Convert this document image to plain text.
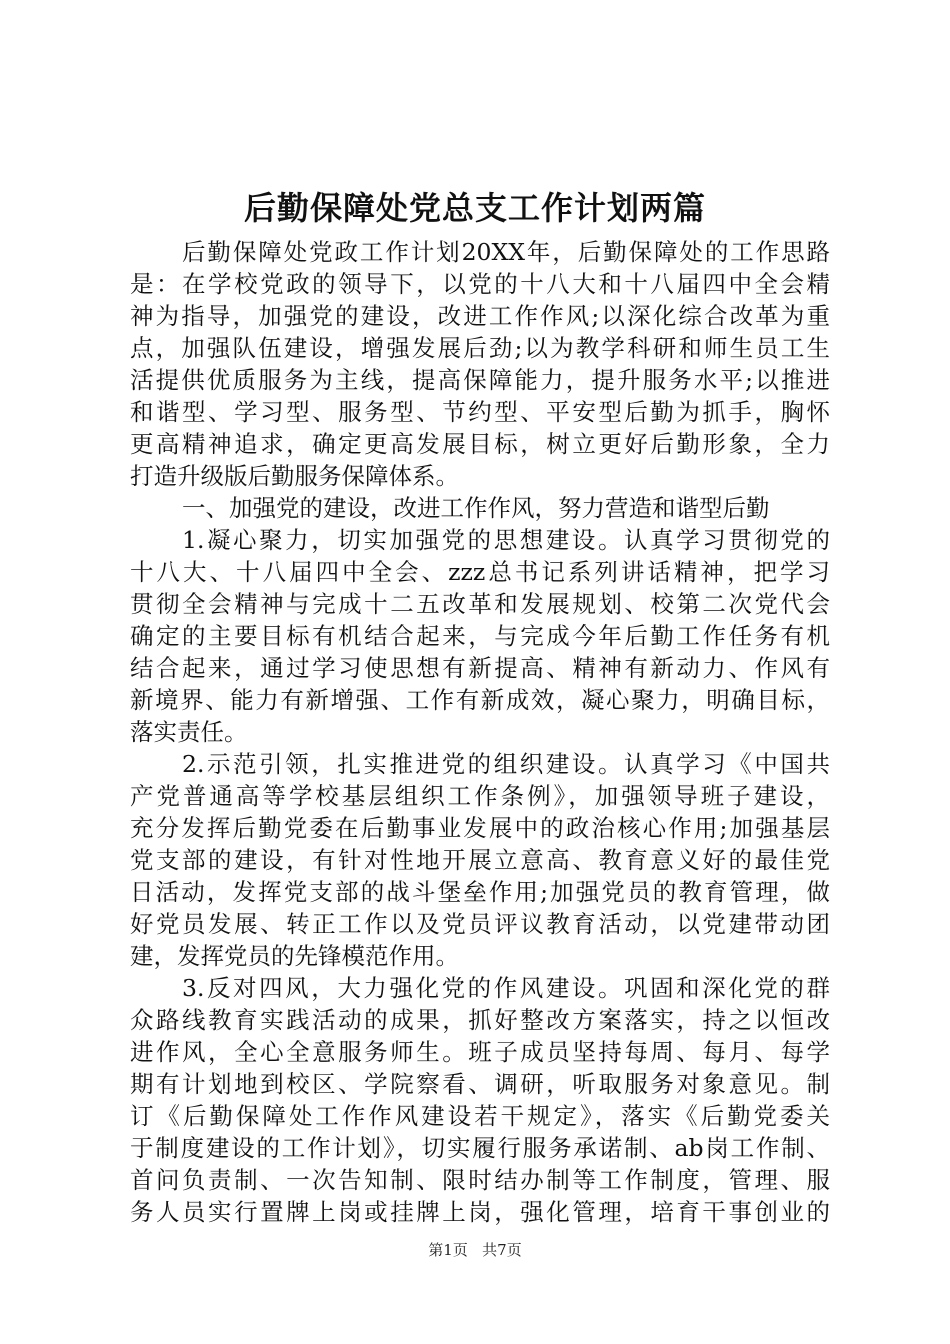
后勤保障处党总支工作计划两篇
后勤保障处党政工作计划20XX年，后勤保障处的工作思路
是：在学校党政的领导下，以党的十八大和十八届四中全会精
神为指导，加强党的建设，改进工作作风;以深化综合改革为重
点，加强队伍建设，增强发展后劲;以为教学科研和师生员工生
活提供优质服务为主线，提高保障能力，提升服务水平;以推进
和谐型、学习型、服务型、节约型、平安型后勤为抓手，胸怀
更高精神追求，确定更高发展目标，树立更好后勤形象，全力
打造升级版后勤服务保障体系。
一、加强党的建设，改进工作作风，努力营造和谐型后勤
1.凝心聚力，切实加强党的思想建设。认真学习贯彻党的
十八大、十八届四中全会、zzz总书记系列讲话精神，把学习
贯彻全会精神与完成十二五改革和发展规划、校第二次党代会
确定的主要目标有机结合起来，与完成今年后勤工作任务有机
结合起来，通过学习使思想有新提高、精神有新动力、作风有
新境界、能力有新增强、工作有新成效，凝心聚力，明确目标，
落实责任。
2.示范引领，扎实推进党的组织建设。认真学习《中国共
产党普通高等学校基层组织工作条例》，加强领导班子建设，
充分发挥后勤党委在后勤事业发展中的政治核心作用;加强基层
党支部的建设，有针对性地开展立意高、教育意义好的最佳党
日活动，发挥党支部的战斗堡垒作用;加强党员的教育管理，做
好党员发展、转正工作以及党员评议教育活动，以党建带动团
建，发挥党员的先锋模范作用。
3.反对四风，大力强化党的作风建设。巩固和深化党的群
众路线教育实践活动的成果，抓好整改方案落实，持之以恒改
进作风，全心全意服务师生。班子成员坚持每周、每月、每学
期有计划地到校区、学院察看、调研，听取服务对象意见。制
订《后勤保障处工作作风建设若干规定》，落实《后勤党委关
于制度建设的工作计划》，切实履行服务承诺制、ab岗工作制、
首问负责制、一次告知制、限时结办制等工作制度，管理、服
务人员实行置牌上岗或挂牌上岗，强化管理，培育干事创业的
第1页 共7页
